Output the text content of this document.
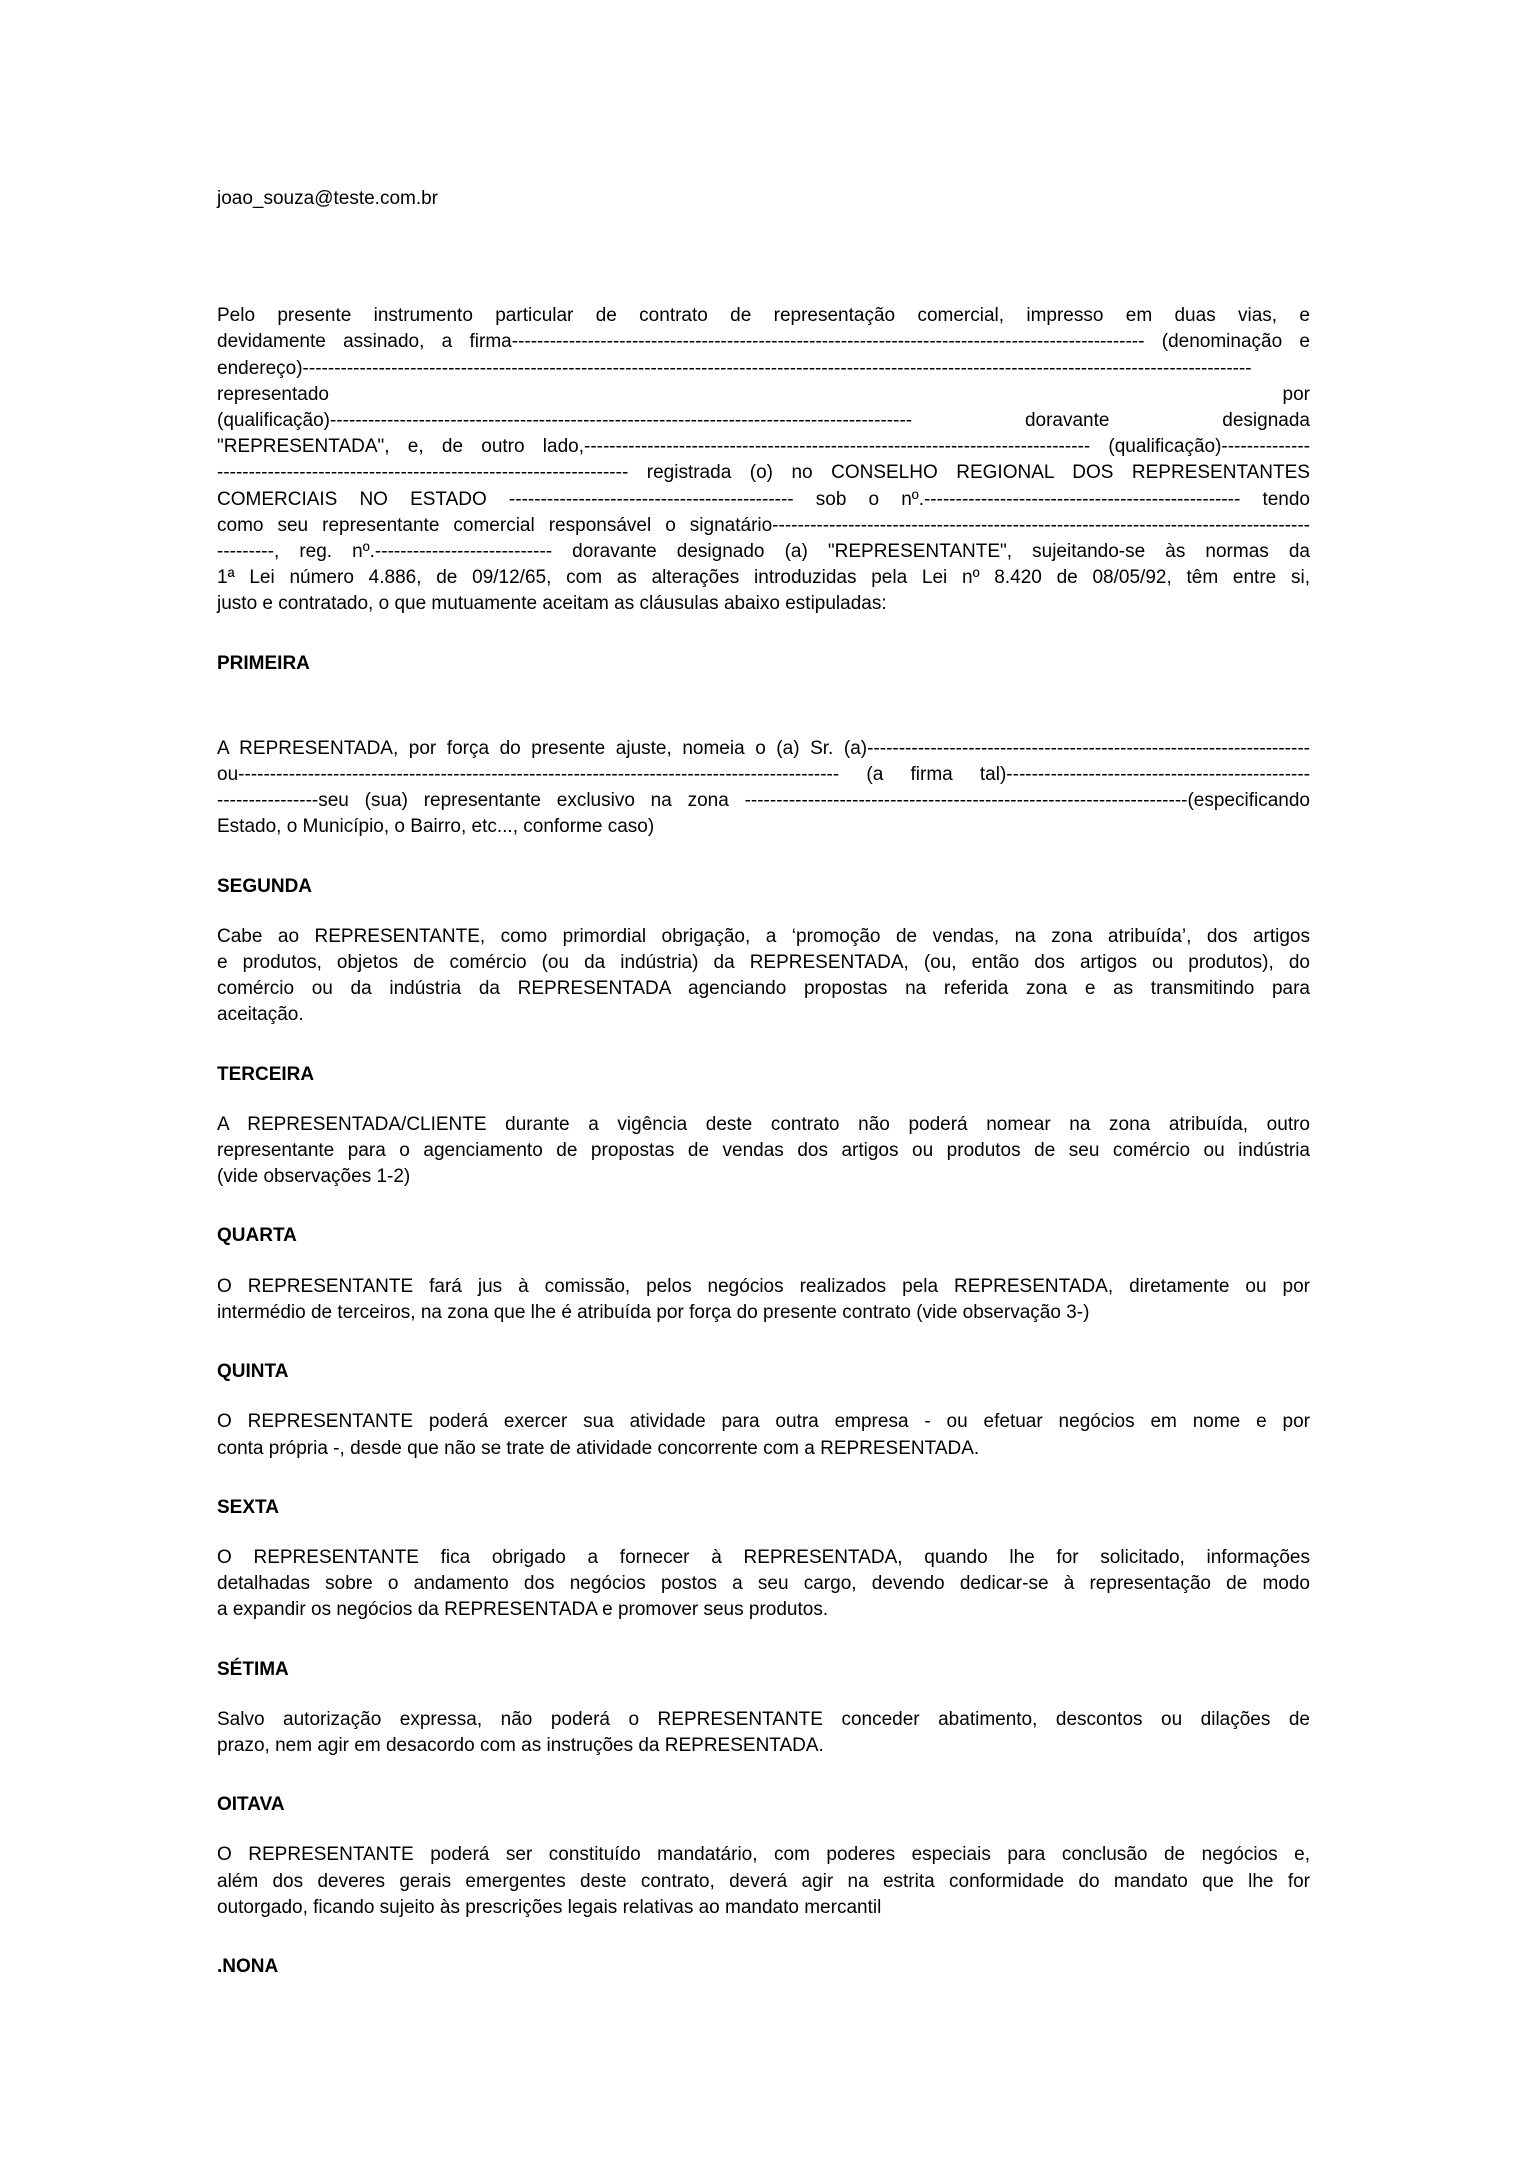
joao_souza@teste.com.br
Pelo presente instrumento particular de contrato de representação comercial, impresso em duas vias, e
devidamente assinado, a firma---------------------------------------------------------------------------------------------------- (denominação e
endereço)------------------------------------------------------------------------------------------------------------------------------------------------------ representado por
(qualificação)-------------------------------------------------------------------------------------------- doravante designada
"REPRESENTADA", e, de outro lado,-------------------------------------------------------------------------------- (qualificação)--------------
----------------------------------------------------------------- registrada (o) no CONSELHO REGIONAL DOS REPRESENTANTES
COMERCIAIS NO ESTADO --------------------------------------------- sob o nº.-------------------------------------------------- tendo
como seu representante comercial responsável o signatário-------------------------------------------------------------------------------------
---------, reg. nº.---------------------------- doravante designado (a) "REPRESENTANTE", sujeitando-se às normas da
1ª Lei número 4.886, de 09/12/65, com as alterações introduzidas pela Lei nº 8.420 de 08/05/92, têm entre si,
justo e contratado, o que mutuamente aceitam as cláusulas abaixo estipuladas:
PRIMEIRA
A REPRESENTADA, por força do presente ajuste, nomeia o (a) Sr. (a)----------------------------------------------------------------------
ou----------------------------------------------------------------------------------------------- (a firma tal)------------------------------------------------
----------------seu (sua) representante exclusivo na zona ----------------------------------------------------------------------(especificando
Estado, o Município, o Bairro, etc..., conforme caso)
SEGUNDA
Cabe ao REPRESENTANTE, como primordial obrigação, a ‘promoção de vendas, na zona atribuída’, dos artigos
e produtos, objetos de comércio (ou da indústria) da REPRESENTADA, (ou, então dos artigos ou produtos), do
comércio ou da indústria da REPRESENTADA agenciando propostas na referida zona e as transmitindo para
aceitação.
TERCEIRA
A REPRESENTADA/CLIENTE durante a vigência deste contrato não poderá nomear na zona atribuída, outro
representante para o agenciamento de propostas de vendas dos artigos ou produtos de seu comércio ou indústria
(vide observações 1-2)
QUARTA
O REPRESENTANTE fará jus à comissão, pelos negócios realizados pela REPRESENTADA, diretamente ou por
intermédio de terceiros, na zona que lhe é atribuída por força do presente contrato (vide observação 3-)
QUINTA
O REPRESENTANTE poderá exercer sua atividade para outra empresa - ou efetuar negócios em nome e por
conta própria -, desde que não se trate de atividade concorrente com a REPRESENTADA.
SEXTA
O REPRESENTANTE fica obrigado a fornecer à REPRESENTADA, quando lhe for solicitado, informações
detalhadas sobre o andamento dos negócios postos a seu cargo, devendo dedicar-se à representação de modo
a expandir os negócios da REPRESENTADA e promover seus produtos.
SÉTIMA
Salvo autorização expressa, não poderá o REPRESENTANTE conceder abatimento, descontos ou dilações de
prazo, nem agir em desacordo com as instruções da REPRESENTADA.
OITAVA
O REPRESENTANTE poderá ser constituído mandatário, com poderes especiais para conclusão de negócios e,
além dos deveres gerais emergentes deste contrato, deverá agir na estrita conformidade do mandato que lhe for
outorgado, ficando sujeito às prescrições legais relativas ao mandato mercantil
.NONA
